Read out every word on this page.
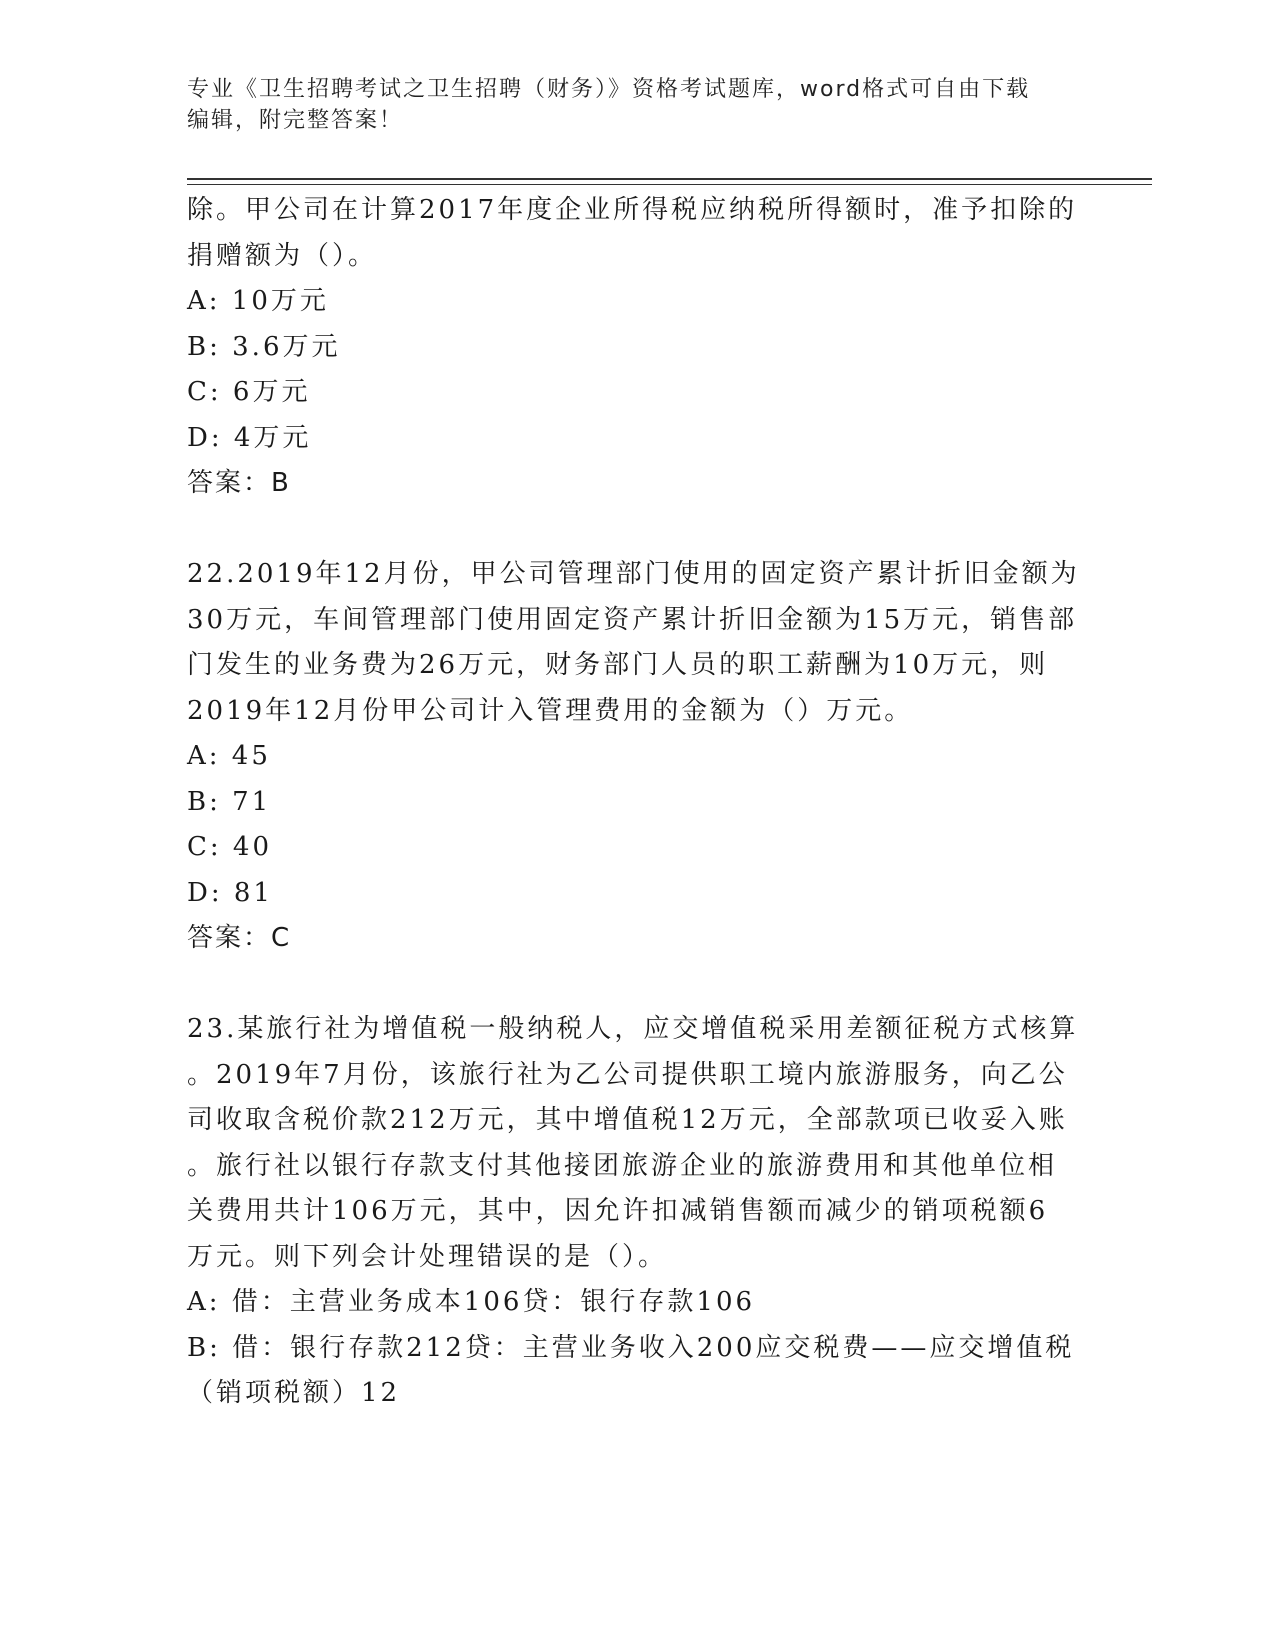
专业《卫生招聘考试之卫生招聘（财务）》资格考试题库，word格式可自由下载
编辑，附完整答案！

除。甲公司在计算2017年度企业所得税应纳税所得额时，准予扣除的

捐赠额为（）。

A: 10万元

B: 3.6万元

C: 6万元

D: 4万元

答案：B

22.2019年12月份，甲公司管理部门使用的固定资产累计折旧金额为

30万元，车间管理部门使用固定资产累计折旧金额为15万元，销售部

门发生的业务费为26万元，财务部门人员的职工薪酬为10万元，则

2019年12月份甲公司计入管理费用的金额为（）万元。

A: 45

B: 71

C: 40

D: 81

答案：C

23.某旅行社为增值税一般纳税人，应交增值税采用差额征税方式核算

。2019年7月份，该旅行社为乙公司提供职工境内旅游服务，向乙公

司收取含税价款212万元，其中增值税12万元，全部款项已收妥入账

。旅行社以银行存款支付其他接团旅游企业的旅游费用和其他单位相

关费用共计106万元，其中，因允许扣减销售额而减少的销项税额6

万元。则下列会计处理错误的是（）。

A: 借：主营业务成本106贷：银行存款106

B: 借：银行存款212贷：主营业务收入200应交税费——应交增值税

（销项税额）12
